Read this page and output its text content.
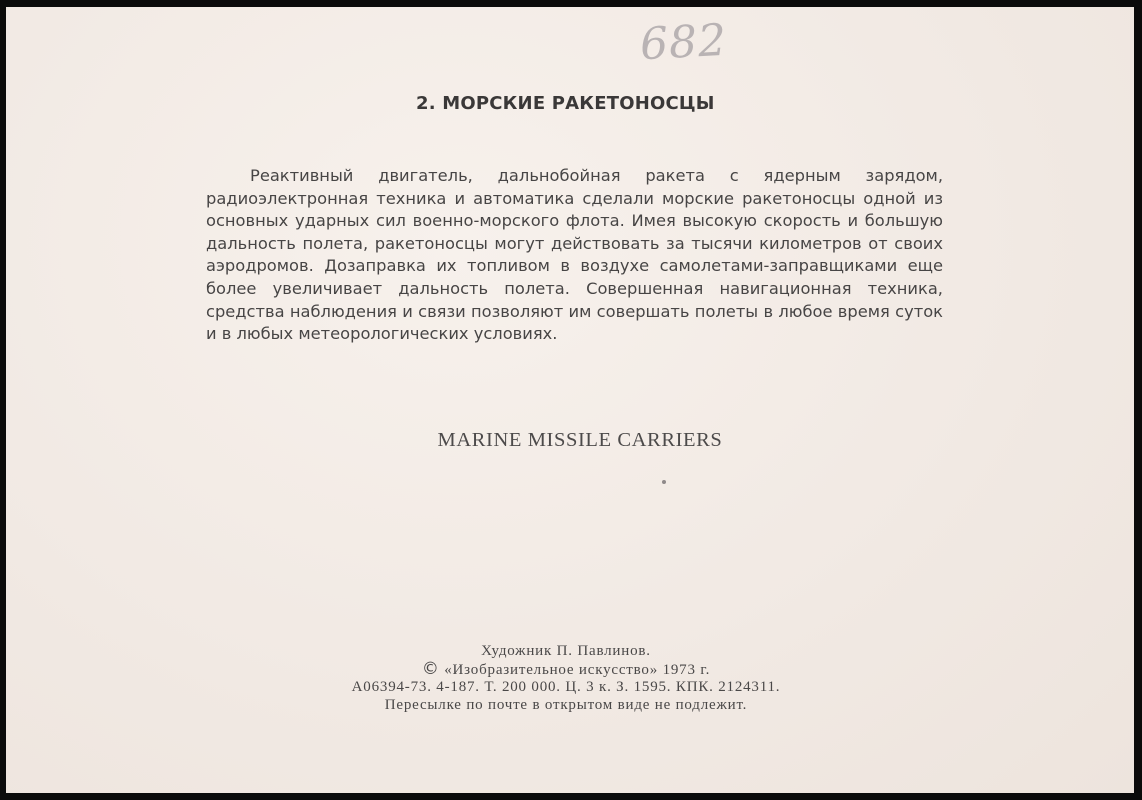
682
2. МОРСКИЕ РАКЕТОНОСЦЫ

Реактивный двигатель, дальнобойная ракета с ядерным зарядом, радиоэлектронная техника и автоматика сделали морские ракетоносцы одной из основных ударных сил военно-морского флота. Имея высокую скорость и большую дальность полета, ракетоносцы могут действовать за тысячи километров от своих аэродромов. Дозаправка их топливом в воздухе самолетами-заправщиками еще более увеличивает дальность полета. Совершенная навигационная техника, средства наблюдения и связи позволяют им совершать полеты в любое время суток и в любых метеорологических условиях.

MARINE MISSILE CARRIERS
Художник П. Павлинов.
© «Изобразительное искусство» 1973 г.
А06394-73. 4-187. Т. 200 000. Ц. 3 к. З. 1595. КПК. 2124311.
Пересылке по почте в открытом виде не подлежит.
